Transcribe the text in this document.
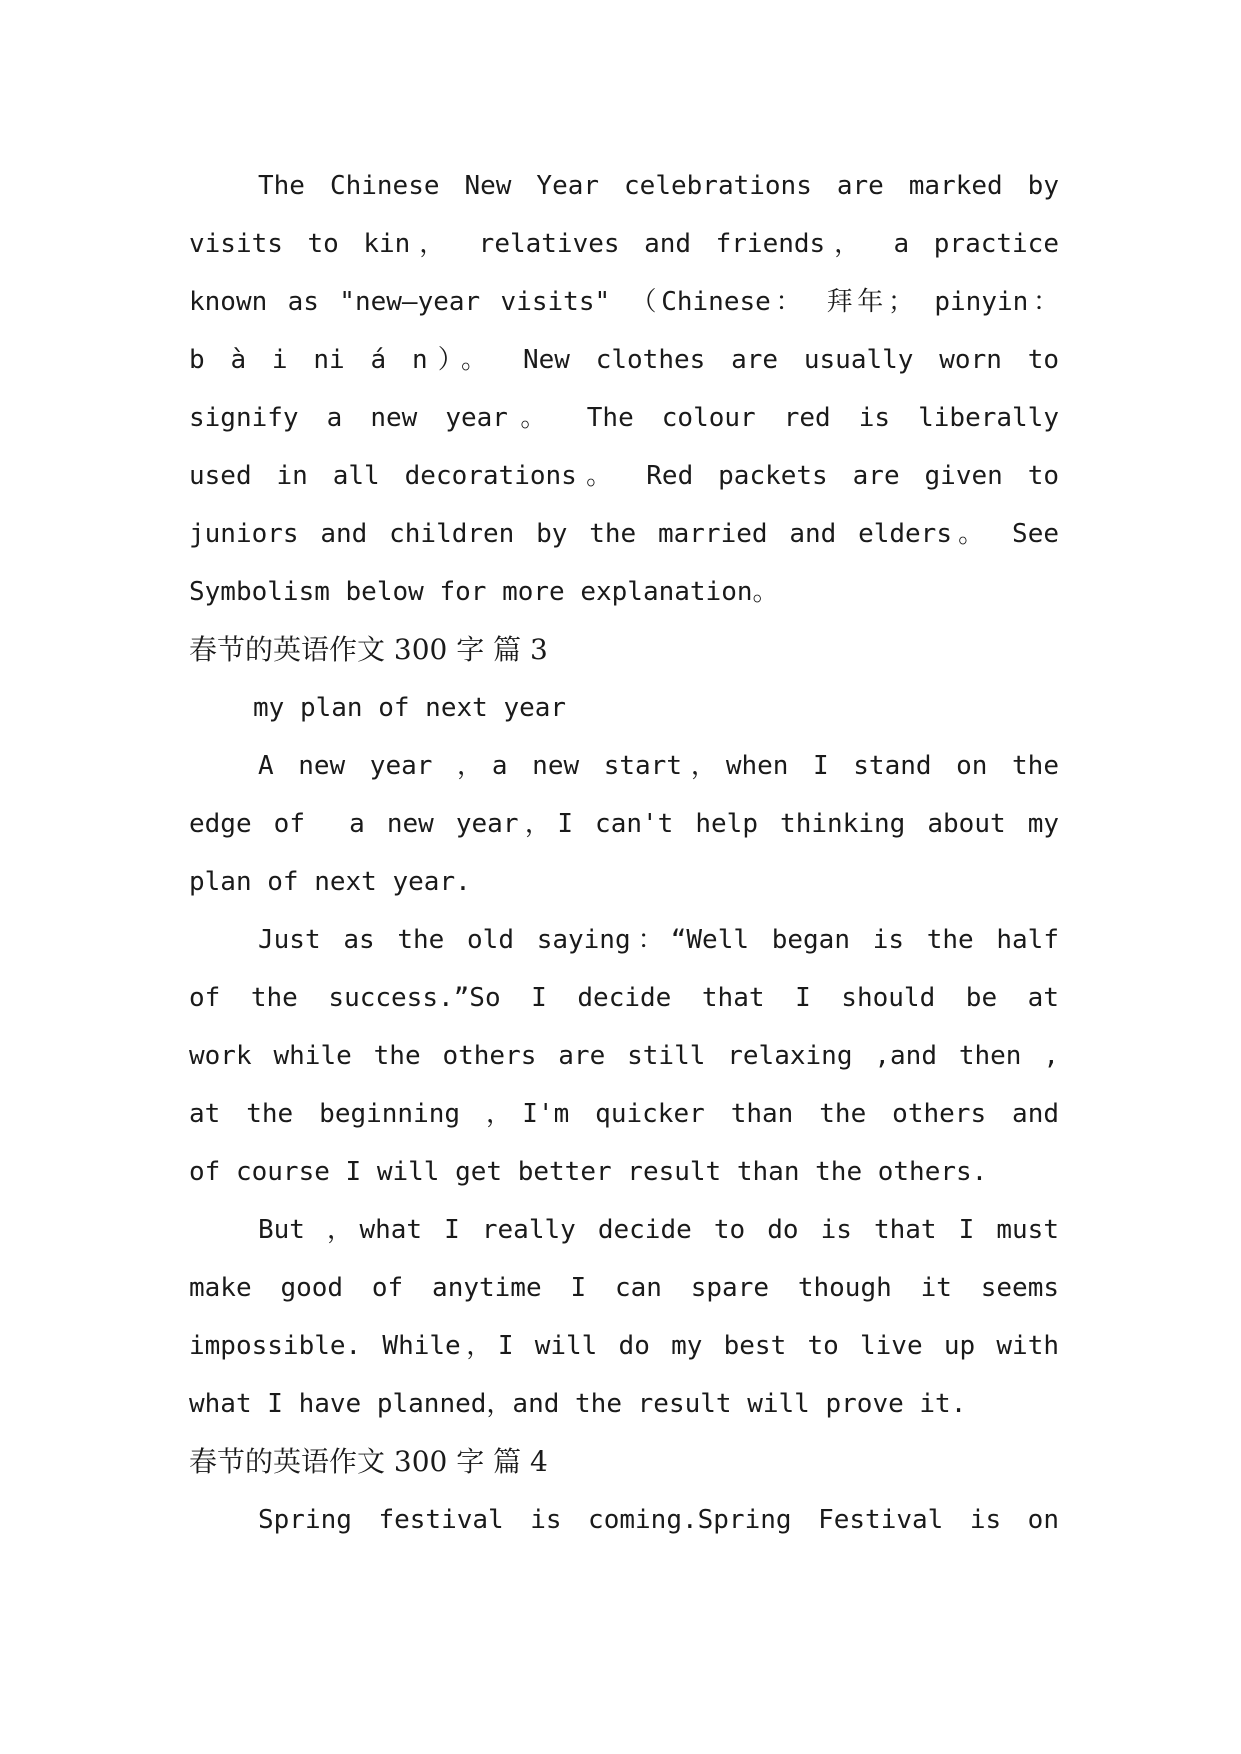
The Chinese New Year celebrations are marked by
visits to kin， relatives and friends， a practice
known as "new—year visits" （Chinese： 拜年； pinyin：
b à i ni á n）。 New clothes are usually worn to
signify a new year。 The colour red is liberally
used in all decorations。 Red packets are given to
juniors and children by the married and elders。 See
Symbolism below for more explanation。
春节的英语作文 300 字 篇 3
my plan of next year
A new year ，a new start，when I stand on the
edge of  a new year，I can't help thinking about my
plan of next year.
Just as the old saying：“Well began is the half
of the success.”So I decide that I should be at
work while the others are still relaxing ,and then ,
at the beginning ，I'm quicker than the others and
of course I will get better result than the others.
But ，what I really decide to do is that I must
make good of anytime I can spare though it seems
impossible. While，I will do my best to live up with
what I have planned，and the result will prove it.
春节的英语作文 300 字 篇 4
Spring festival is coming.Spring Festival is on
